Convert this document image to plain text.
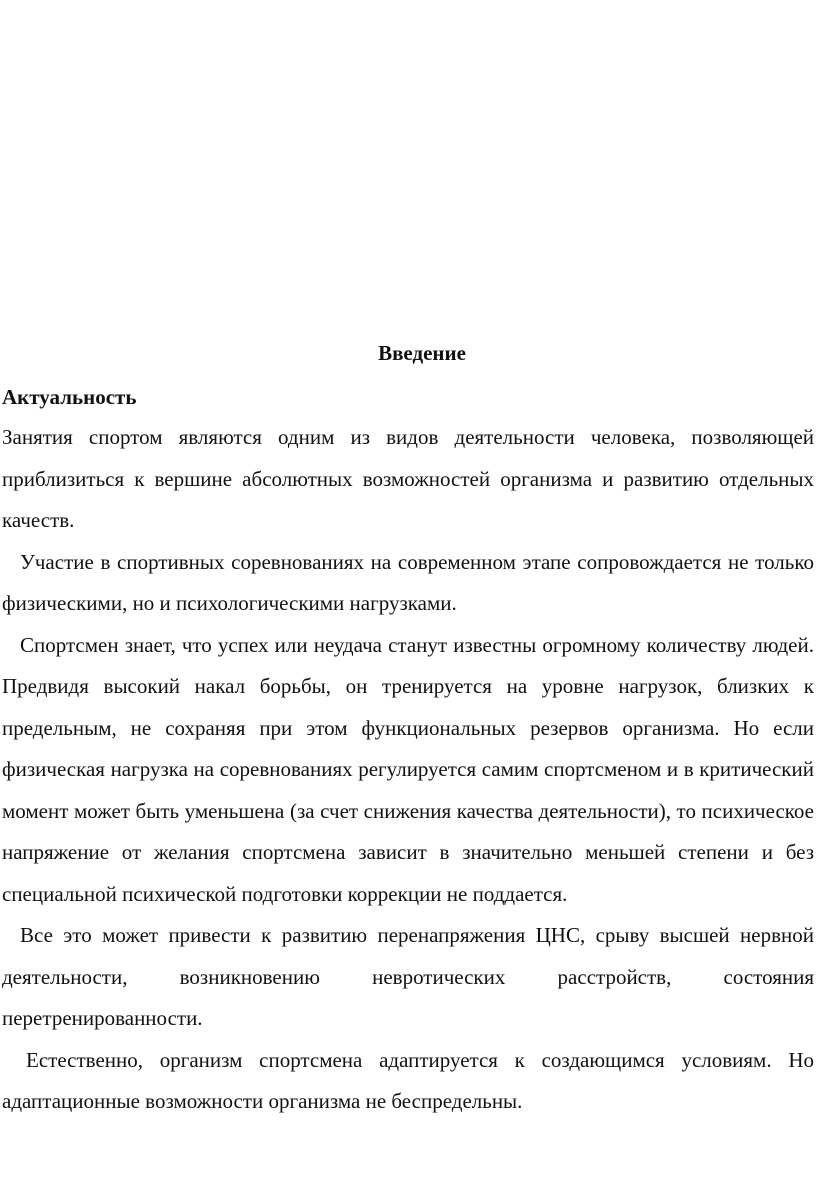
Введение
Актуальность

Занятия спортом являются одним из видов деятельности человека, позволяющей приблизиться к вершине абсолютных возможностей организма и развитию отдельных качеств.

Участие в спортивных соревнованиях на современном этапе сопровождается не только физическими, но и психологическими нагрузками.

Спортсмен знает, что успех или неудача станут известны огромному количеству людей. Предвидя высокий накал борьбы, он тренируется на уровне нагрузок, близких к предельным, не сохраняя при этом функциональных резервов организма. Но если физическая нагрузка на соревнованиях регулируется самим спортсменом и в критический момент может быть уменьшена (за счет снижения качества деятельности), то психическое напряжение от желания спортсмена зависит в значительно меньшей степени и без специальной психической подготовки коррекции не поддается.

Все это может привести к развитию перенапряжения ЦНС, срыву высшей нервной деятельности, возникновению невротических расстройств, состояния перетренированности.

Естественно, организм спортсмена адаптируется к создающимся условиям. Но адаптационные возможности организма не беспредельны.
